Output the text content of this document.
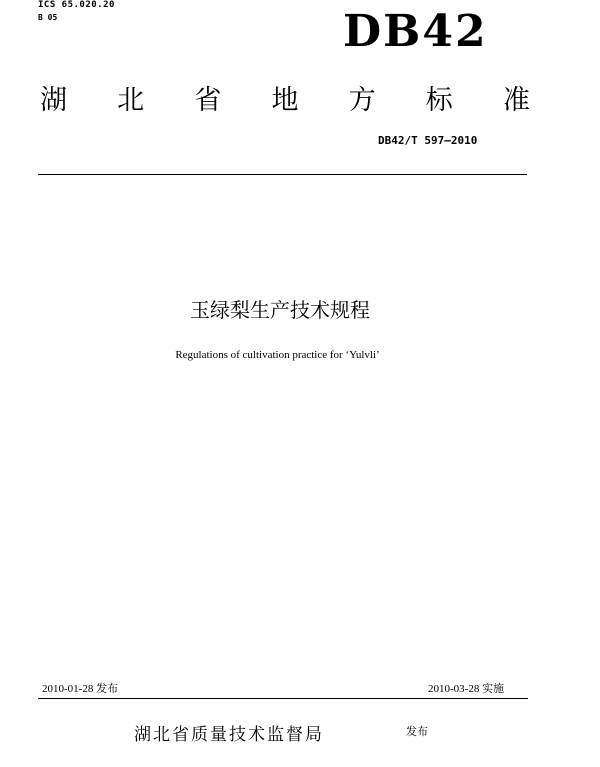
ICS 65.020.20
B 05	DB42
湖 北 省 地 方 标 准
DB42/T 597—2010
玉绿梨生产技术规程
Regulations of cultivation practice for ‘Yulvli’
2010-01-28 发布	2010-03-28 实施
湖北省质量技术监督局	发布
